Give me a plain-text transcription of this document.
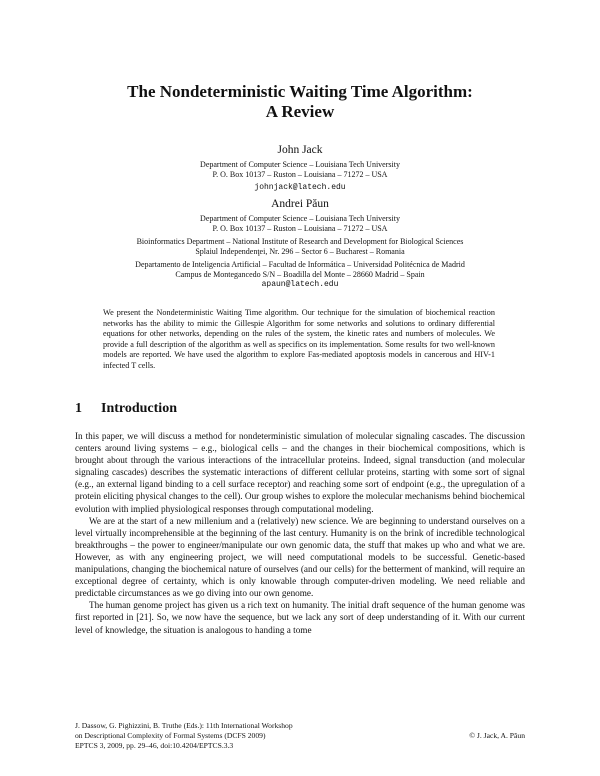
The Nondeterministic Waiting Time Algorithm:
A Review
John Jack
Department of Computer Science – Louisiana Tech University
P. O. Box 10137 – Ruston – Louisiana – 71272 – USA
johnjack@latech.edu
Andrei Păun
Department of Computer Science – Louisiana Tech University
P. O. Box 10137 – Ruston – Louisiana – 71272 – USA
Bioinformatics Department – National Institute of Research and Development for Biological Sciences
Splaiul Independenţei, Nr. 296 – Sector 6 – Bucharest – Romania
Departamento de Inteligencia Artificial – Facultad de Informática – Universidad Politécnica de Madrid
Campus de Montegancedo S/N – Boadilla del Monte – 28660 Madrid – Spain
apaun@latech.edu
We present the Nondeterministic Waiting Time algorithm. Our technique for the simulation of biochemical reaction networks has the ability to mimic the Gillespie Algorithm for some networks and solutions to ordinary differential equations for other networks, depending on the rules of the system, the kinetic rates and numbers of molecules. We provide a full description of the algorithm as well as specifics on its implementation. Some results for two well-known models are reported. We have used the algorithm to explore Fas-mediated apoptosis models in cancerous and HIV-1 infected T cells.
1 Introduction

In this paper, we will discuss a method for nondeterministic simulation of molecular signaling cascades. The discussion centers around living systems – e.g., biological cells – and the changes in their biochemical compositions, which is brought about through the various interactions of the intracellular proteins. Indeed, signal transduction (and molecular signaling cascades) describes the systematic interactions of different cellular proteins, starting with some sort of signal (e.g., an external ligand binding to a cell surface receptor) and reaching some sort of endpoint (e.g., the upregulation of a protein eliciting physical changes to the cell). Our group wishes to explore the molecular mechanisms behind biochemical evolution with implied physiological responses through computational modeling.

We are at the start of a new millenium and a (relatively) new science. We are beginning to understand ourselves on a level virtually incomprehensible at the beginning of the last century. Humanity is on the brink of incredible technological breakthroughs – the power to engineer/manipulate our own genomic data, the stuff that makes up who and what we are. However, as with any engineering project, we will need computational models to be successful. Genetic-based manipulations, changing the biochemical nature of ourselves (and our cells) for the betterment of mankind, will require an exceptional degree of certainty, which is only knowable through computer-driven modeling. We need reliable and predictable circumstances as we go diving into our own genome.

The human genome project has given us a rich text on humanity. The initial draft sequence of the human genome was first reported in [21]. So, we now have the sequence, but we lack any sort of deep understanding of it. With our current level of knowledge, the situation is analogous to handing a tome

J. Dassow, G. Pighizzini, B. Truthe (Eds.): 11th International Workshop
on Descriptional Complexity of Formal Systems (DCFS 2009)
EPTCS 3, 2009, pp. 29–46, doi:10.4204/EPTCS.3.3
© J. Jack, A. Păun
